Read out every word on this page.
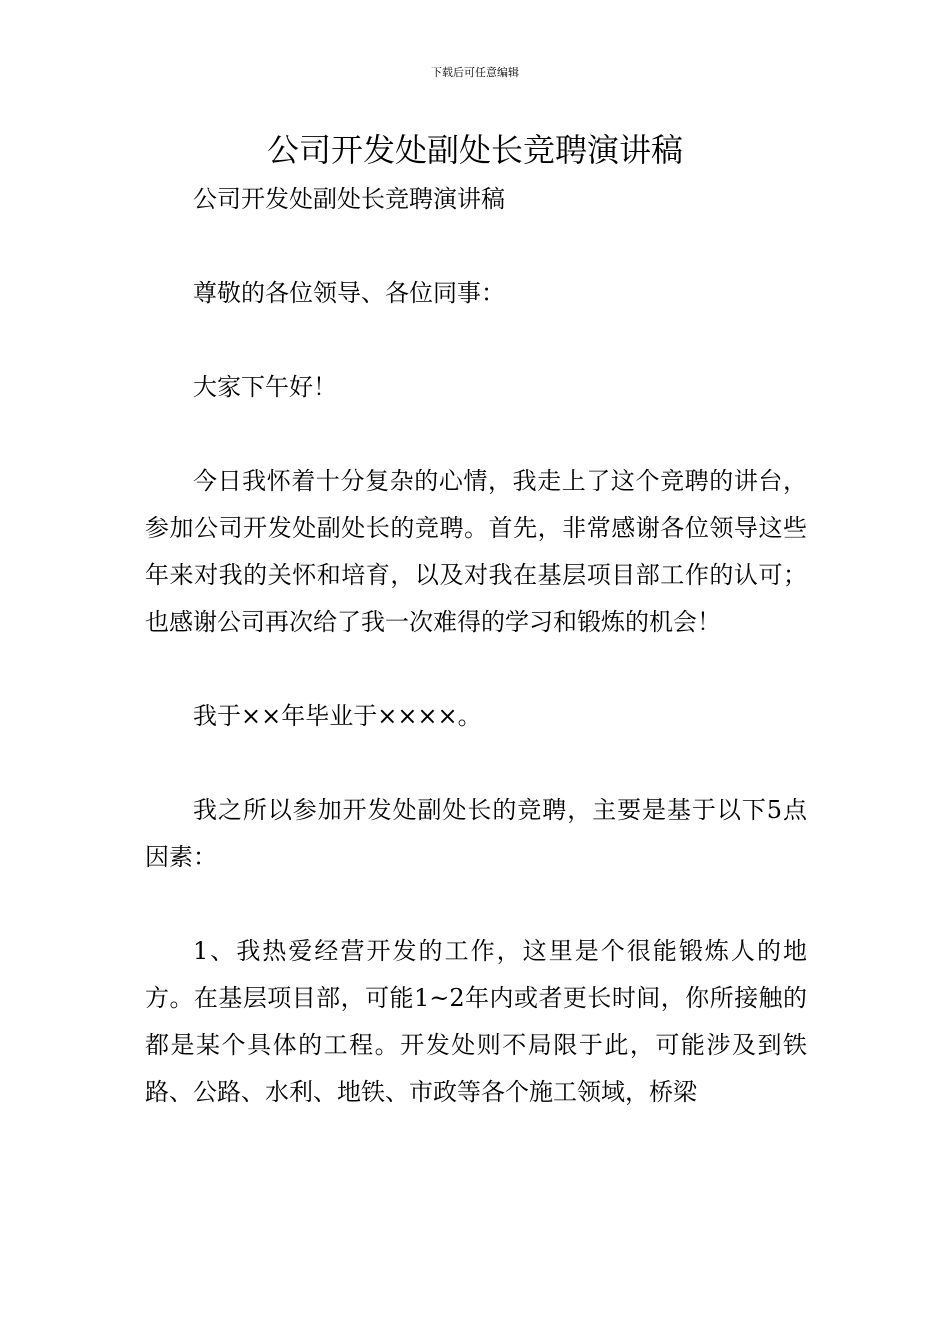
下载后可任意编辑
公司开发处副处长竞聘演讲稿

公司开发处副处长竞聘演讲稿

尊敬的各位领导、各位同事：

大家下午好！

今日我怀着十分复杂的心情，我走上了这个竞聘的讲台，参加公司开发处副处长的竞聘。首先，非常感谢各位领导这些年来对我的关怀和培育，以及对我在基层项目部工作的认可；也感谢公司再次给了我一次难得的学习和锻炼的机会！

我于××年毕业于××××。

我之所以参加开发处副处长的竞聘，主要是基于以下5点因素：

1、我热爱经营开发的工作，这里是个很能锻炼人的地方。在基层项目部，可能1~2年内或者更长时间，你所接触的都是某个具体的工程。开发处则不局限于此，可能涉及到铁路、公路、水利、地铁、市政等各个施工领域，桥梁
